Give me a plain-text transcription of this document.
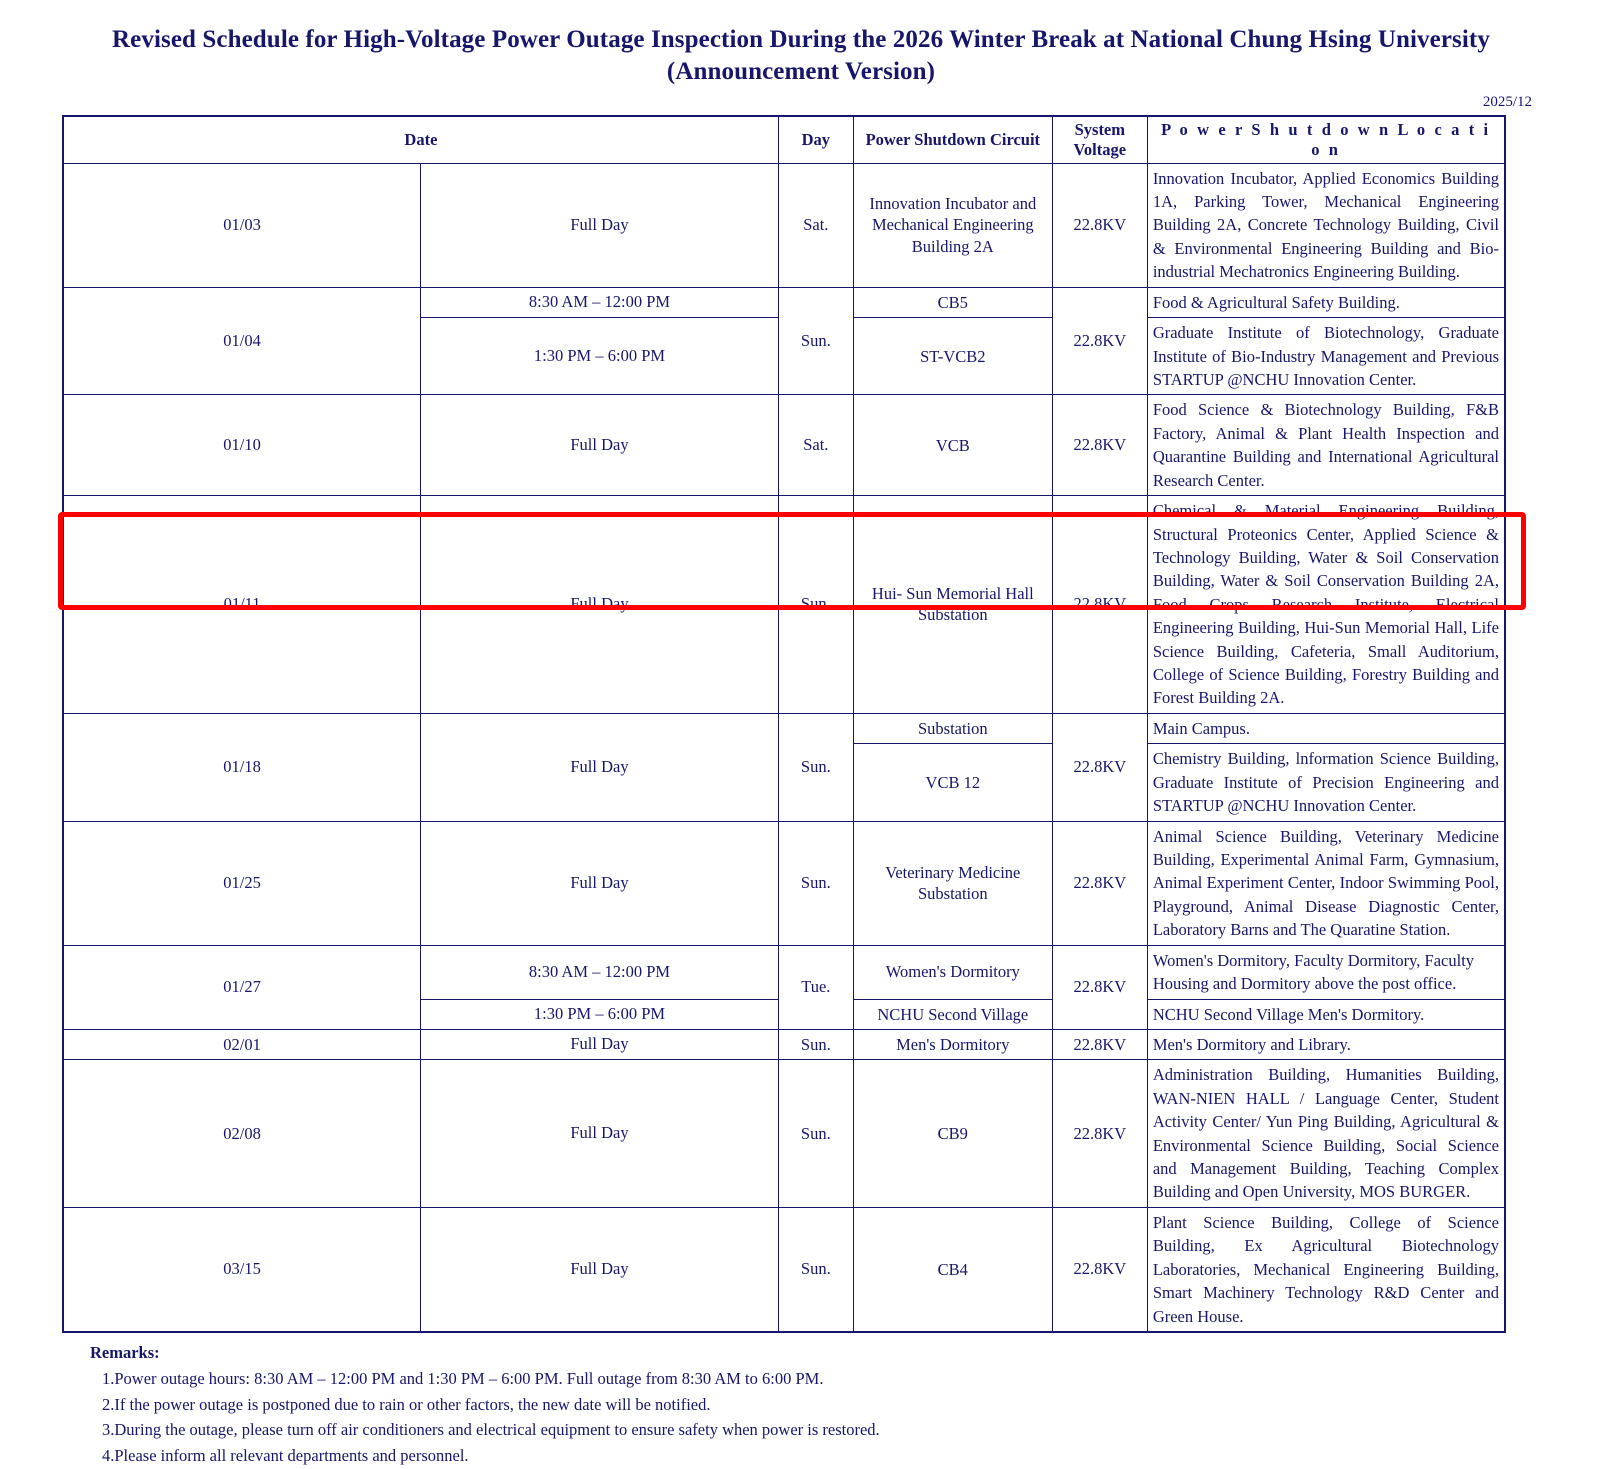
Revised Schedule for High-Voltage Power Outage Inspection During the 2026 Winter Break at National Chung Hsing University
(Announcement Version)
2025/12
Date		Day	Power Shutdown Circuit	System Voltage	P o w e r S h u t d o w n L o c a t i o n
01/03	Full Day	Sat.	Innovation Incubator and Mechanical Engineering Building 2A	22.8KV	Innovation Incubator, Applied Economics Building 1A, Parking Tower, Mechanical Engineering Building 2A, Concrete Technology Building, Civil & Environmental Engineering Building and Bio-industrial Mechatronics Engineering Building.
01/04	8:30 AM – 12:00 PM	Sun.	CB5	22.8KV	Food & Agricultural Safety Building.
	1:30 PM – 6:00 PM		ST-VCB2		Graduate Institute of Biotechnology, Graduate Institute of Bio-Industry Management and Previous STARTUP @NCHU Innovation Center.
01/10	Full Day	Sat.	VCB	22.8KV	Food Science & Biotechnology Building, F&B Factory, Animal & Plant Health Inspection and Quarantine Building and International Agricultural Research Center.
01/11	Full Day	Sun.	Hui- Sun Memorial Hall Substation	22.8KV	Chemical & Material Engineering Building, Structural Proteonics Center, Applied Science & Technology Building, Water & Soil Conservation Building, Water & Soil Conservation Building 2A, Food Crops Research Institute, Electrical Engineering Building, Hui-Sun Memorial Hall, Life Science Building, Cafeteria, Small Auditorium, College of Science Building, Forestry Building and Forest Building 2A.
01/18	Full Day	Sun.	Substation	22.8KV	Main Campus.
			VCB 12		Chemistry Building, lnformation Science Building, Graduate Institute of Precision Engineering and STARTUP @NCHU Innovation Center.
01/25	Full Day	Sun.	Veterinary Medicine Substation	22.8KV	Animal Science Building, Veterinary Medicine Building, Experimental Animal Farm, Gymnasium, Animal Experiment Center, Indoor Swimming Pool, Playground, Animal Disease Diagnostic Center, Laboratory Barns and The Quaratine Station.
01/27	8:30 AM – 12:00 PM	Tue.	Women's Dormitory	22.8KV	Women's Dormitory, Faculty Dormitory, Faculty Housing and Dormitory above the post office.
	1:30 PM – 6:00 PM		NCHU Second Village		NCHU Second Village Men's Dormitory.
02/01	Full Day	Sun.	Men's Dormitory	22.8KV	Men's Dormitory and Library.
02/08	Full Day	Sun.	CB9	22.8KV	Administration Building, Humanities Building, WAN-NIEN HALL / Language Center, Student Activity Center/ Yun Ping Building, Agricultural & Environmental Science Building, Social Science and Management Building, Teaching Complex Building and Open University, MOS BURGER.
03/15	Full Day	Sun.	CB4	22.8KV	Plant Science Building, College of Science Building, Ex Agricultural Biotechnology Laboratories, Mechanical Engineering Building, Smart Machinery Technology R&D Center and Green House.
Remarks:
1.Power outage hours: 8:30 AM – 12:00 PM and 1:30 PM – 6:00 PM. Full outage from 8:30 AM to 6:00 PM.
2.If the power outage is postponed due to rain or other factors, the new date will be notified.
3.During the outage, please turn off air conditioners and electrical equipment to ensure safety when power is restored.
4.Please inform all relevant departments and personnel.
